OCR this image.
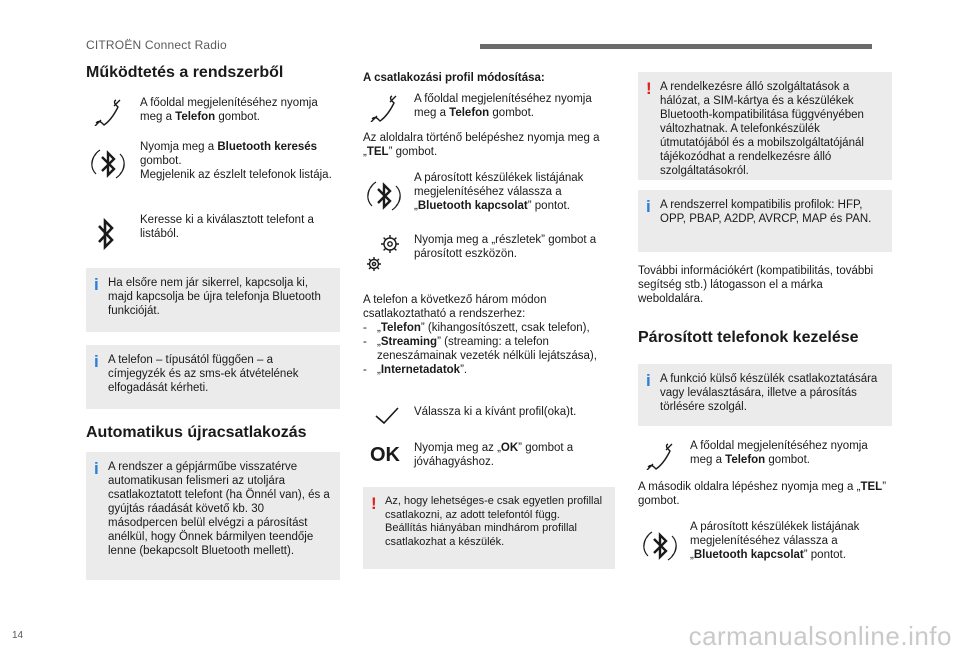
CITROËN Connect Radio
Működtetés a rendszerből
A főoldal megjelenítéséhez nyomja meg a Telefon gombot.
Nyomja meg a Bluetooth keresés gombot.
Megjelenik az észlelt telefonok listája.
Keresse ki a kiválasztott telefont a listából.
i Ha elsőre nem jár sikerrel, kapcsolja ki, majd kapcsolja be újra telefonja Bluetooth funkcióját.
i A telefon – típusától függően – a címjegyzék és az sms-ek átvételének elfogadását kérheti.
Automatikus újracsatlakozás
i A rendszer a gépjárműbe visszatérve automatikusan felismeri az utoljára csatlakoztatott telefont (ha Önnél van), és a gyújtás ráadását követő kb. 30 másodpercen belül elvégzi a párosítást anélkül, hogy Önnek bármilyen teendője lenne (bekapcsolt Bluetooth mellett).
A csatlakozási profil módosítása:
A főoldal megjelenítéséhez nyomja meg a Telefon gombot.
Az aloldalra történő belépéshez nyomja meg a „TEL” gombot.
A párosított készülékek listájának megjelenítéséhez válassza a „Bluetooth kapcsolat” pontot.
Nyomja meg a „részletek” gombot a párosított eszközön.
A telefon a következő három módon csatlakoztatható a rendszerhez:
- „Telefon” (kihangosítószett, csak telefon),
- „Streaming” (streaming: a telefon zeneszámainak vezeték nélküli lejátszása),
- „Internetadatok”.
Válassza ki a kívánt profil(oka)t.
OK Nyomja meg az „OK” gombot a jóváhagyáshoz.
! Az, hogy lehetséges-e csak egyetlen profillal csatlakozni, az adott telefontól függ. Beállítás hiányában mindhárom profillal csatlakozhat a készülék.
! A rendelkezésre álló szolgáltatások a hálózat, a SIM-kártya és a készülékek Bluetooth-kompatibilitása függvényében változhatnak. A telefonkészülék útmutatójából és a mobilszolgáltatójánál tájékozódhat a rendelkezésre álló szolgáltatásokról.
i A rendszerrel kompatibilis profilok: HFP, OPP, PBAP, A2DP, AVRCP, MAP és PAN.
További információkért (kompatibilitás, további segítség stb.) látogasson el a márka weboldalára.
Párosított telefonok kezelése
i A funkció külső készülék csatlakoztatására vagy leválasztására, illetve a párosítás törlésére szolgál.
A főoldal megjelenítéséhez nyomja meg a Telefon gombot.
A második oldalra lépéshez nyomja meg a „TEL” gombot.
A párosított készülékek listájának megjelenítéséhez válassza a „Bluetooth kapcsolat” pontot.
14	carmanualsonline.info
